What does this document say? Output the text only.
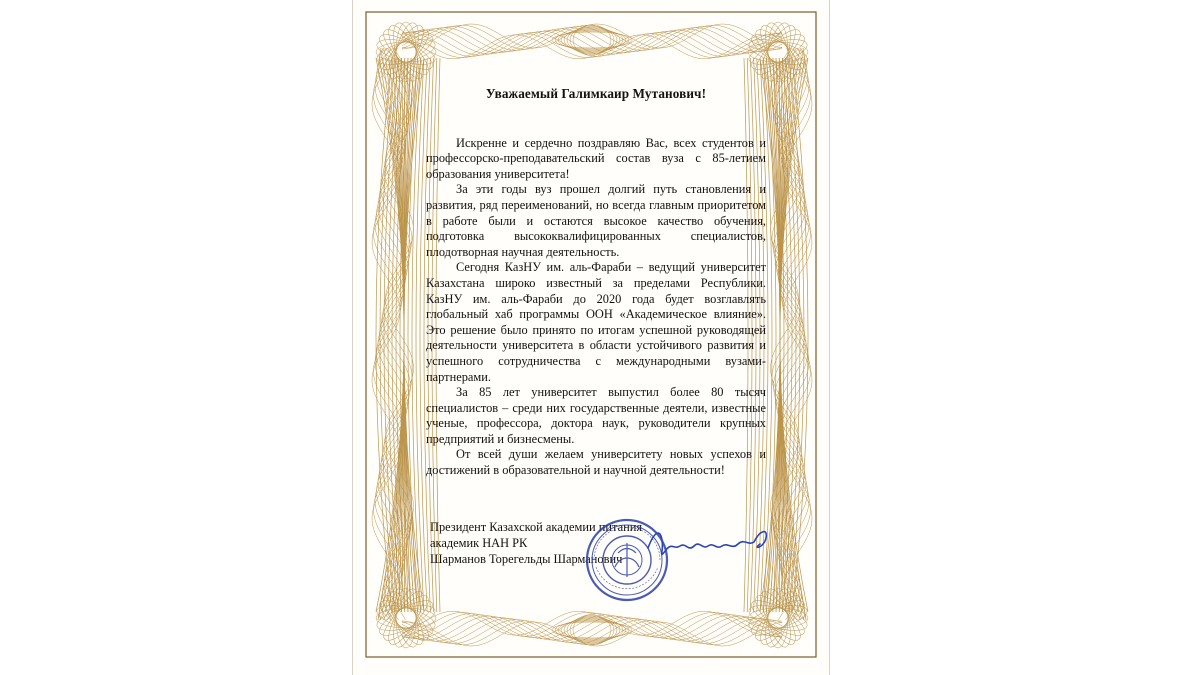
Уважаемый Галимкаир Мутанович!

Искренне и сердечно поздравляю Вас, всех студентов и профессорско-преподавательский состав вуза с 85-летием образования университета!

За эти годы вуз прошел долгий путь становления и развития, ряд переименований, но всегда главным приоритетом в работе были и остаются высокое качество обучения, подготовка высококвалифицированных специалистов, плодотворная научная деятельность.

Сегодня КазНУ им. аль-Фараби – ведущий университет Казахстана широко известный за пределами Республики. КазНУ им. аль-Фараби до 2020 года будет возглавлять глобальный хаб программы ООН «Академическое влияние». Это решение было принято по итогам успешной руководящей деятельности университета в области устойчивого развития и успешного сотрудничества с международными вузами-партнерами.

За 85 лет университет выпустил более 80 тысяч специалистов – среди них государственные деятели, известные ученые, профессора, доктора наук, руководители крупных предприятий и бизнесмены.

От всей души желаем университету новых успехов и достижений в образовательной и научной деятельности!

Президент Казахской академии питания
академик НАН РК
Шарманов Торегельды Шарманович
